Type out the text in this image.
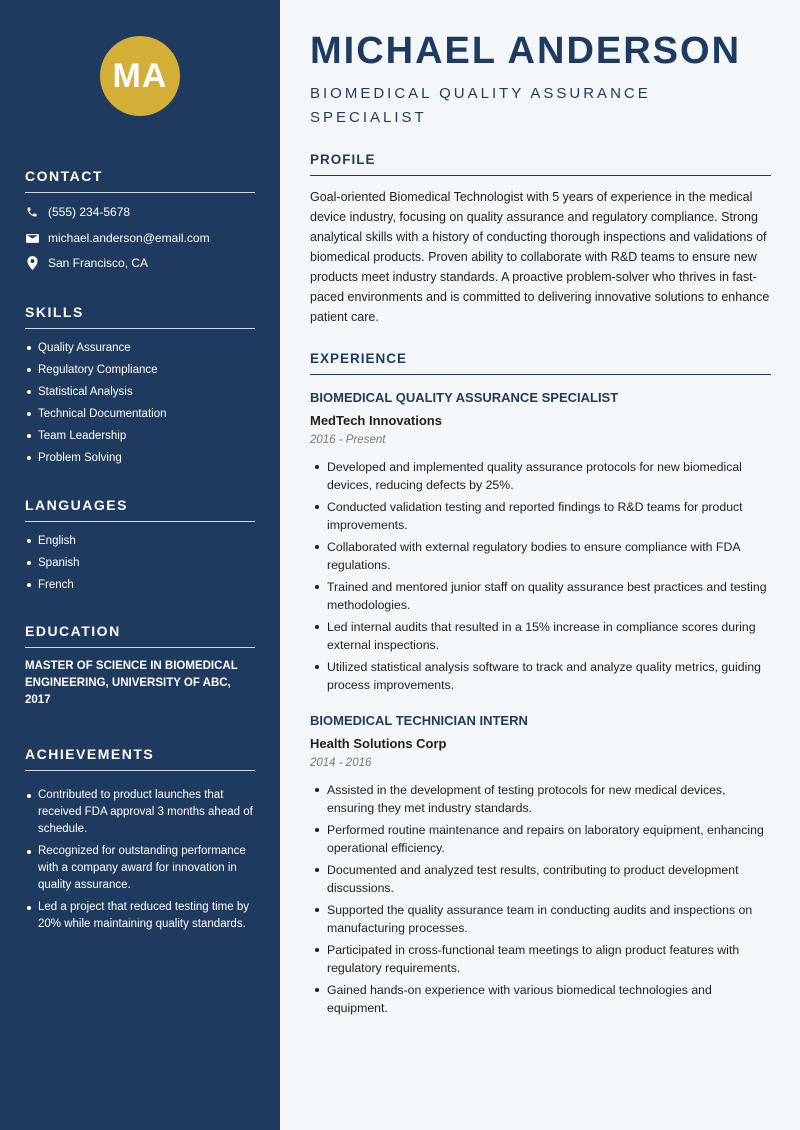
MA
CONTACT
(555) 234-5678
michael.anderson@email.com
San Francisco, CA
SKILLS
Quality Assurance
Regulatory Compliance
Statistical Analysis
Technical Documentation
Team Leadership
Problem Solving
LANGUAGES
English
Spanish
French
EDUCATION
MASTER OF SCIENCE IN BIOMEDICAL ENGINEERING, UNIVERSITY OF ABC, 2017
ACHIEVEMENTS
Contributed to product launches that received FDA approval 3 months ahead of schedule.
Recognized for outstanding performance with a company award for innovation in quality assurance.
Led a project that reduced testing time by 20% while maintaining quality standards.
MICHAEL ANDERSON
BIOMEDICAL QUALITY ASSURANCE SPECIALIST
PROFILE
Goal-oriented Biomedical Technologist with 5 years of experience in the medical device industry, focusing on quality assurance and regulatory compliance. Strong analytical skills with a history of conducting thorough inspections and validations of biomedical products. Proven ability to collaborate with R&D teams to ensure new products meet industry standards. A proactive problem-solver who thrives in fast-paced environments and is committed to delivering innovative solutions to enhance patient care.
EXPERIENCE
BIOMEDICAL QUALITY ASSURANCE SPECIALIST
MedTech Innovations
2016 - Present
Developed and implemented quality assurance protocols for new biomedical devices, reducing defects by 25%.
Conducted validation testing and reported findings to R&D teams for product improvements.
Collaborated with external regulatory bodies to ensure compliance with FDA regulations.
Trained and mentored junior staff on quality assurance best practices and testing methodologies.
Led internal audits that resulted in a 15% increase in compliance scores during external inspections.
Utilized statistical analysis software to track and analyze quality metrics, guiding process improvements.
BIOMEDICAL TECHNICIAN INTERN
Health Solutions Corp
2014 - 2016
Assisted in the development of testing protocols for new medical devices, ensuring they met industry standards.
Performed routine maintenance and repairs on laboratory equipment, enhancing operational efficiency.
Documented and analyzed test results, contributing to product development discussions.
Supported the quality assurance team in conducting audits and inspections on manufacturing processes.
Participated in cross-functional team meetings to align product features with regulatory requirements.
Gained hands-on experience with various biomedical technologies and equipment.
